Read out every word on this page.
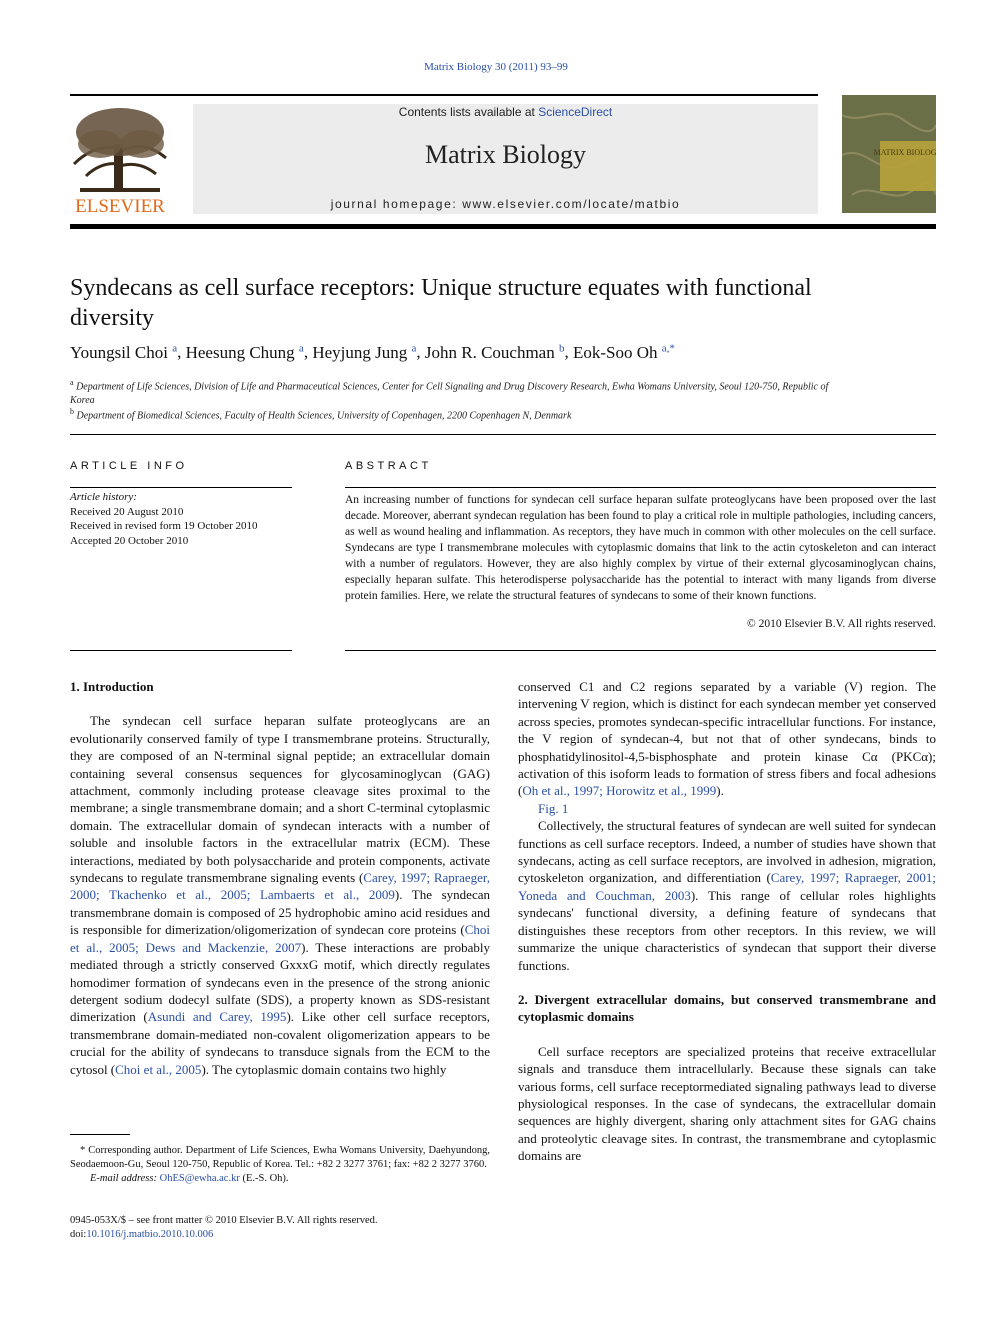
Matrix Biology 30 (2011) 93–99
ELSEVIER
Contents lists available at ScienceDirect
Matrix Biology
journal homepage: www.elsevier.com/locate/matbio
MATRIX BIOLOGY
Syndecans as cell surface receptors: Unique structure equates with functional diversity
Youngsil Choi $^a$, Heesung Chung $^a$, Heyjung Jung $^a$, John R. Couchman $^b$, Eok-Soo Oh $^{a,*}$
$^a$ Department of Life Sciences, Division of Life and Pharmaceutical Sciences, Center for Cell Signaling and Drug Discovery Research, Ewha Womans University, Seoul 120-750, Republic of Korea
$^b$ Department of Biomedical Sciences, Faculty of Health Sciences, University of Copenhagen, 2200 Copenhagen N, Denmark
ARTICLE INFO
Article history:
Received 20 August 2010
Received in revised form 19 October 2010
Accepted 20 October 2010
ABSTRACT
An increasing number of functions for syndecan cell surface heparan sulfate proteoglycans have been proposed over the last decade. Moreover, aberrant syndecan regulation has been found to play a critical role in multiple pathologies, including cancers, as well as wound healing and inflammation. As receptors, they have much in common with other molecules on the cell surface. Syndecans are type I transmembrane molecules with cytoplasmic domains that link to the actin cytoskeleton and can interact with a number of regulators. However, they are also highly complex by virtue of their external glycosaminoglycan chains, especially heparan sulfate. This heterodisperse polysaccharide has the potential to interact with many ligands from diverse protein families. Here, we relate the structural features of syndecans to some of their known functions.
© 2010 Elsevier B.V. All rights reserved.
1. Introduction

The syndecan cell surface heparan sulfate proteoglycans are an evolutionarily conserved family of type I transmembrane proteins. Structurally, they are composed of an N-terminal signal peptide; an extracellular domain containing several consensus sequences for glycosaminoglycan (GAG) attachment, commonly including protease cleavage sites proximal to the membrane; a single transmembrane domain; and a short C-terminal cytoplasmic domain. The extracellular domain of syndecan interacts with a number of soluble and insoluble factors in the extracellular matrix (ECM). These interactions, mediated by both polysaccharide and protein components, activate syndecans to regulate transmembrane signaling events (Carey, 1997; Rapraeger, 2000; Tkachenko et al., 2005; Lambaerts et al., 2009). The syndecan transmembrane domain is composed of 25 hydrophobic amino acid residues and is responsible for dimerization/oligomerization of syndecan core proteins (Choi et al., 2005; Dews and Mackenzie, 2007). These interactions are probably mediated through a strictly conserved GxxxG motif, which directly regulates homodimer formation of syndecans even in the presence of the strong anionic detergent sodium dodecyl sulfate (SDS), a property known as SDS-resistant dimerization (Asundi and Carey, 1995). Like other cell surface receptors, transmembrane domain-mediated non-covalent oligomerization appears to be crucial for the ability of syndecans to transduce signals from the ECM to the cytosol (Choi et al., 2005). The cytoplasmic domain contains two highly

* Corresponding author. Department of Life Sciences, Ewha Womans University, Daehyundong, Seodaemoon-Gu, Seoul 120-750, Republic of Korea. Tel.: +82 2 3277 3761; fax: +82 2 3277 3760.
E-mail address: OhES@ewha.ac.kr (E.-S. Oh).
0945-053X/$ – see front matter © 2010 Elsevier B.V. All rights reserved.
doi:10.1016/j.matbio.2010.10.006

conserved C1 and C2 regions separated by a variable (V) region. The intervening V region, which is distinct for each syndecan member yet conserved across species, promotes syndecan-specific intracellular functions. For instance, the V region of syndecan-4, but not that of other syndecans, binds to phosphatidylinositol-4,5-bisphosphate and protein kinase Cα (PKCα); activation of this isoform leads to formation of stress fibers and focal adhesions (Oh et al., 1997; Horowitz et al., 1999).

Fig. 1

Collectively, the structural features of syndecan are well suited for syndecan functions as cell surface receptors. Indeed, a number of studies have shown that syndecans, acting as cell surface receptors, are involved in adhesion, migration, cytoskeleton organization, and differentiation (Carey, 1997; Rapraeger, 2001; Yoneda and Couchman, 2003). This range of cellular roles highlights syndecans' functional diversity, a defining feature of syndecans that distinguishes these receptors from other receptors. In this review, we will summarize the unique characteristics of syndecan that support their diverse functions.

2. Divergent extracellular domains, but conserved transmembrane and cytoplasmic domains

Cell surface receptors are specialized proteins that receive extracellular signals and transduce them intracellularly. Because these signals can take various forms, cell surface receptormediated signaling pathways lead to diverse physiological responses. In the case of syndecans, the extracellular domain sequences are highly divergent, sharing only attachment sites for GAG chains and proteolytic cleavage sites. In contrast, the transmembrane and cytoplasmic domains are
